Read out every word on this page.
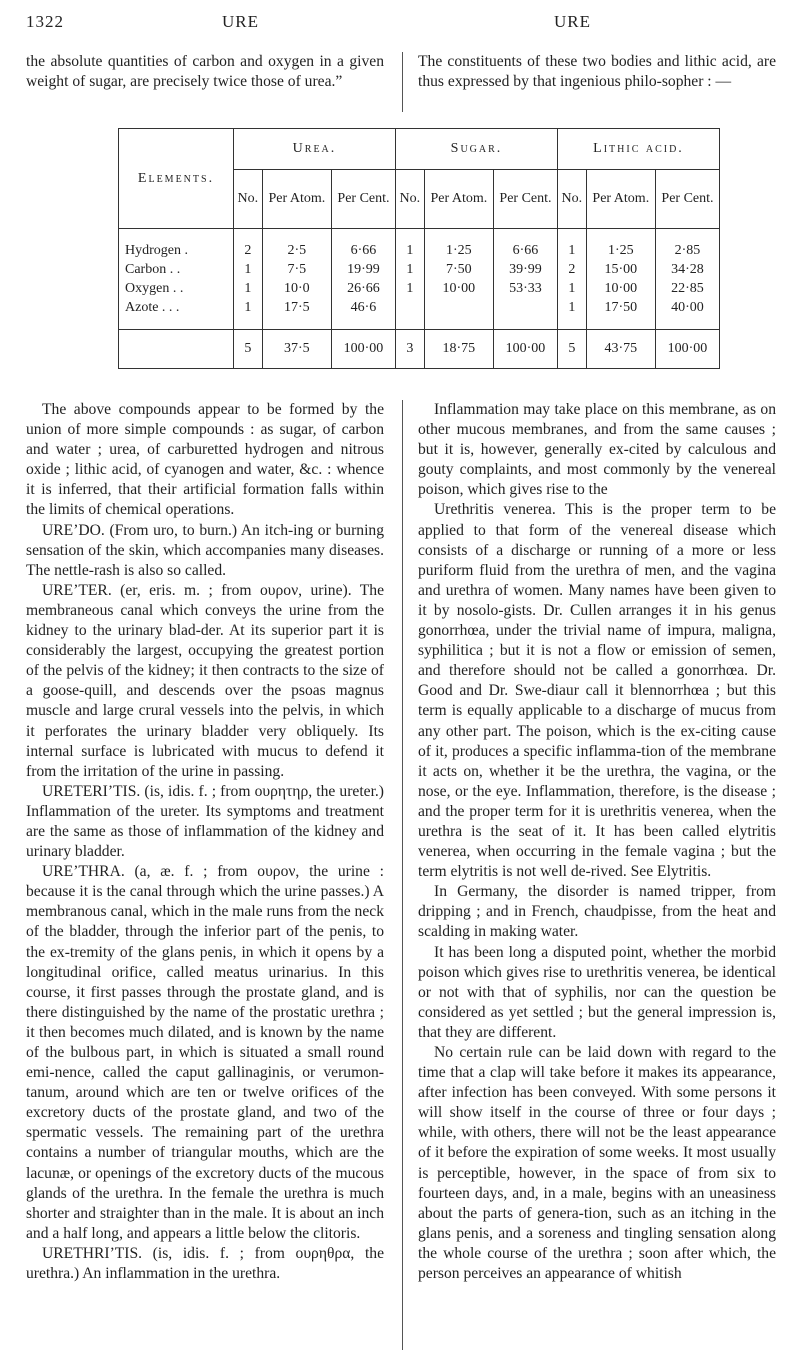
1322	URE	URE
the absolute quantities of carbon and oxygen in a given weight of sugar, are precisely twice those of urea.”
The constituents of these two bodies and lithic acid, are thus expressed by that ingenious philo-sopher : —
Elements.	Urea.			Sugar.			Lithic acid.		
	No.	Per Atom.	Per Cent.	No.	Per Atom.	Per Cent.	No.	Per Atom.	Per Cent.
Hydrogen .	2	2·5	6·66	1	1·25	6·66	1	1·25	2·85
Carbon . .	1	7·5	19·99	1	7·50	39·99	2	15·00	34·28
Oxygen . .	1	10·0	26·66	1	10·00	53·33	1	10·00	22·85
Azote . . .	1	17·5	46·6				1	17·50	40·00
	5	37·5	100·00	3	18·75	100·00	5	43·75	100·00

The above compounds appear to be formed by the union of more simple compounds : as sugar, of carbon and water ; urea, of carburetted hydrogen and nitrous oxide ; lithic acid, of cyanogen and water, &c. : whence it is inferred, that their artificial formation falls within the limits of chemical operations.

URE’DO. (From uro, to burn.) An itch-ing or burning sensation of the skin, which accompanies many diseases. The nettle-rash is also so called.

URE’TER. (er, eris. m. ; from ουρον, urine). The membraneous canal which conveys the urine from the kidney to the urinary blad-der. At its superior part it is considerably the largest, occupying the greatest portion of the pelvis of the kidney; it then contracts to the size of a goose-quill, and descends over the psoas magnus muscle and large crural vessels into the pelvis, in which it perforates the urinary bladder very obliquely. Its internal surface is lubricated with mucus to defend it from the irritation of the urine in passing.

URETERI’TIS. (is, idis. f. ; from ουρητηρ, the ureter.) Inflammation of the ureter. Its symptoms and treatment are the same as those of inflammation of the kidney and urinary bladder.

URE’THRA. (a, æ. f. ; from ουρον, the urine : because it is the canal through which the urine passes.) A membranous canal, which in the male runs from the neck of the bladder, through the inferior part of the penis, to the ex-tremity of the glans penis, in which it opens by a longitudinal orifice, called meatus urinarius. In this course, it first passes through the prostate gland, and is there distinguished by the name of the prostatic urethra ; it then becomes much dilated, and is known by the name of the bulbous part, in which is situated a small round emi-nence, called the caput gallinaginis, or verumon-tanum, around which are ten or twelve orifices of the excretory ducts of the prostate gland, and two of the spermatic vessels. The remaining part of the urethra contains a number of triangular mouths, which are the lacunæ, or openings of the excretory ducts of the mucous glands of the urethra. In the female the urethra is much shorter and straighter than in the male. It is about an inch and a half long, and appears a little below the clitoris.

URETHRI’TIS. (is, idis. f. ; from ουρηθρα, the urethra.) An inflammation in the urethra.

Inflammation may take place on this membrane, as on other mucous membranes, and from the same causes ; but it is, however, generally ex-cited by calculous and gouty complaints, and most commonly by the venereal poison, which gives rise to the

Urethritis venerea. This is the proper term to be applied to that form of the venereal disease which consists of a discharge or running of a more or less puriform fluid from the urethra of men, and the vagina and urethra of women. Many names have been given to it by nosolo-gists. Dr. Cullen arranges it in his genus gonorrhœa, under the trivial name of impura, maligna, syphilitica ; but it is not a flow or emission of semen, and therefore should not be called a gonorrhœa. Dr. Good and Dr. Swe-diaur call it blennorrhœa ; but this term is equally applicable to a discharge of mucus from any other part. The poison, which is the ex-citing cause of it, produces a specific inflamma-tion of the membrane it acts on, whether it be the urethra, the vagina, or the nose, or the eye. Inflammation, therefore, is the disease ; and the proper term for it is urethritis venerea, when the urethra is the seat of it. It has been called elytritis venerea, when occurring in the female vagina ; but the term elytritis is not well de-rived. See Elytritis.

In Germany, the disorder is named tripper, from dripping ; and in French, chaudpisse, from the heat and scalding in making water.

It has been long a disputed point, whether the morbid poison which gives rise to urethritis venerea, be identical or not with that of syphilis, nor can the question be considered as yet settled ; but the general impression is, that they are different.

No certain rule can be laid down with regard to the time that a clap will take before it makes its appearance, after infection has been conveyed. With some persons it will show itself in the course of three or four days ; while, with others, there will not be the least appearance of it before the expiration of some weeks. It most usually is perceptible, however, in the space of from six to fourteen days, and, in a male, begins with an uneasiness about the parts of genera-tion, such as an itching in the glans penis, and a soreness and tingling sensation along the whole course of the urethra ; soon after which, the person perceives an appearance of whitish
